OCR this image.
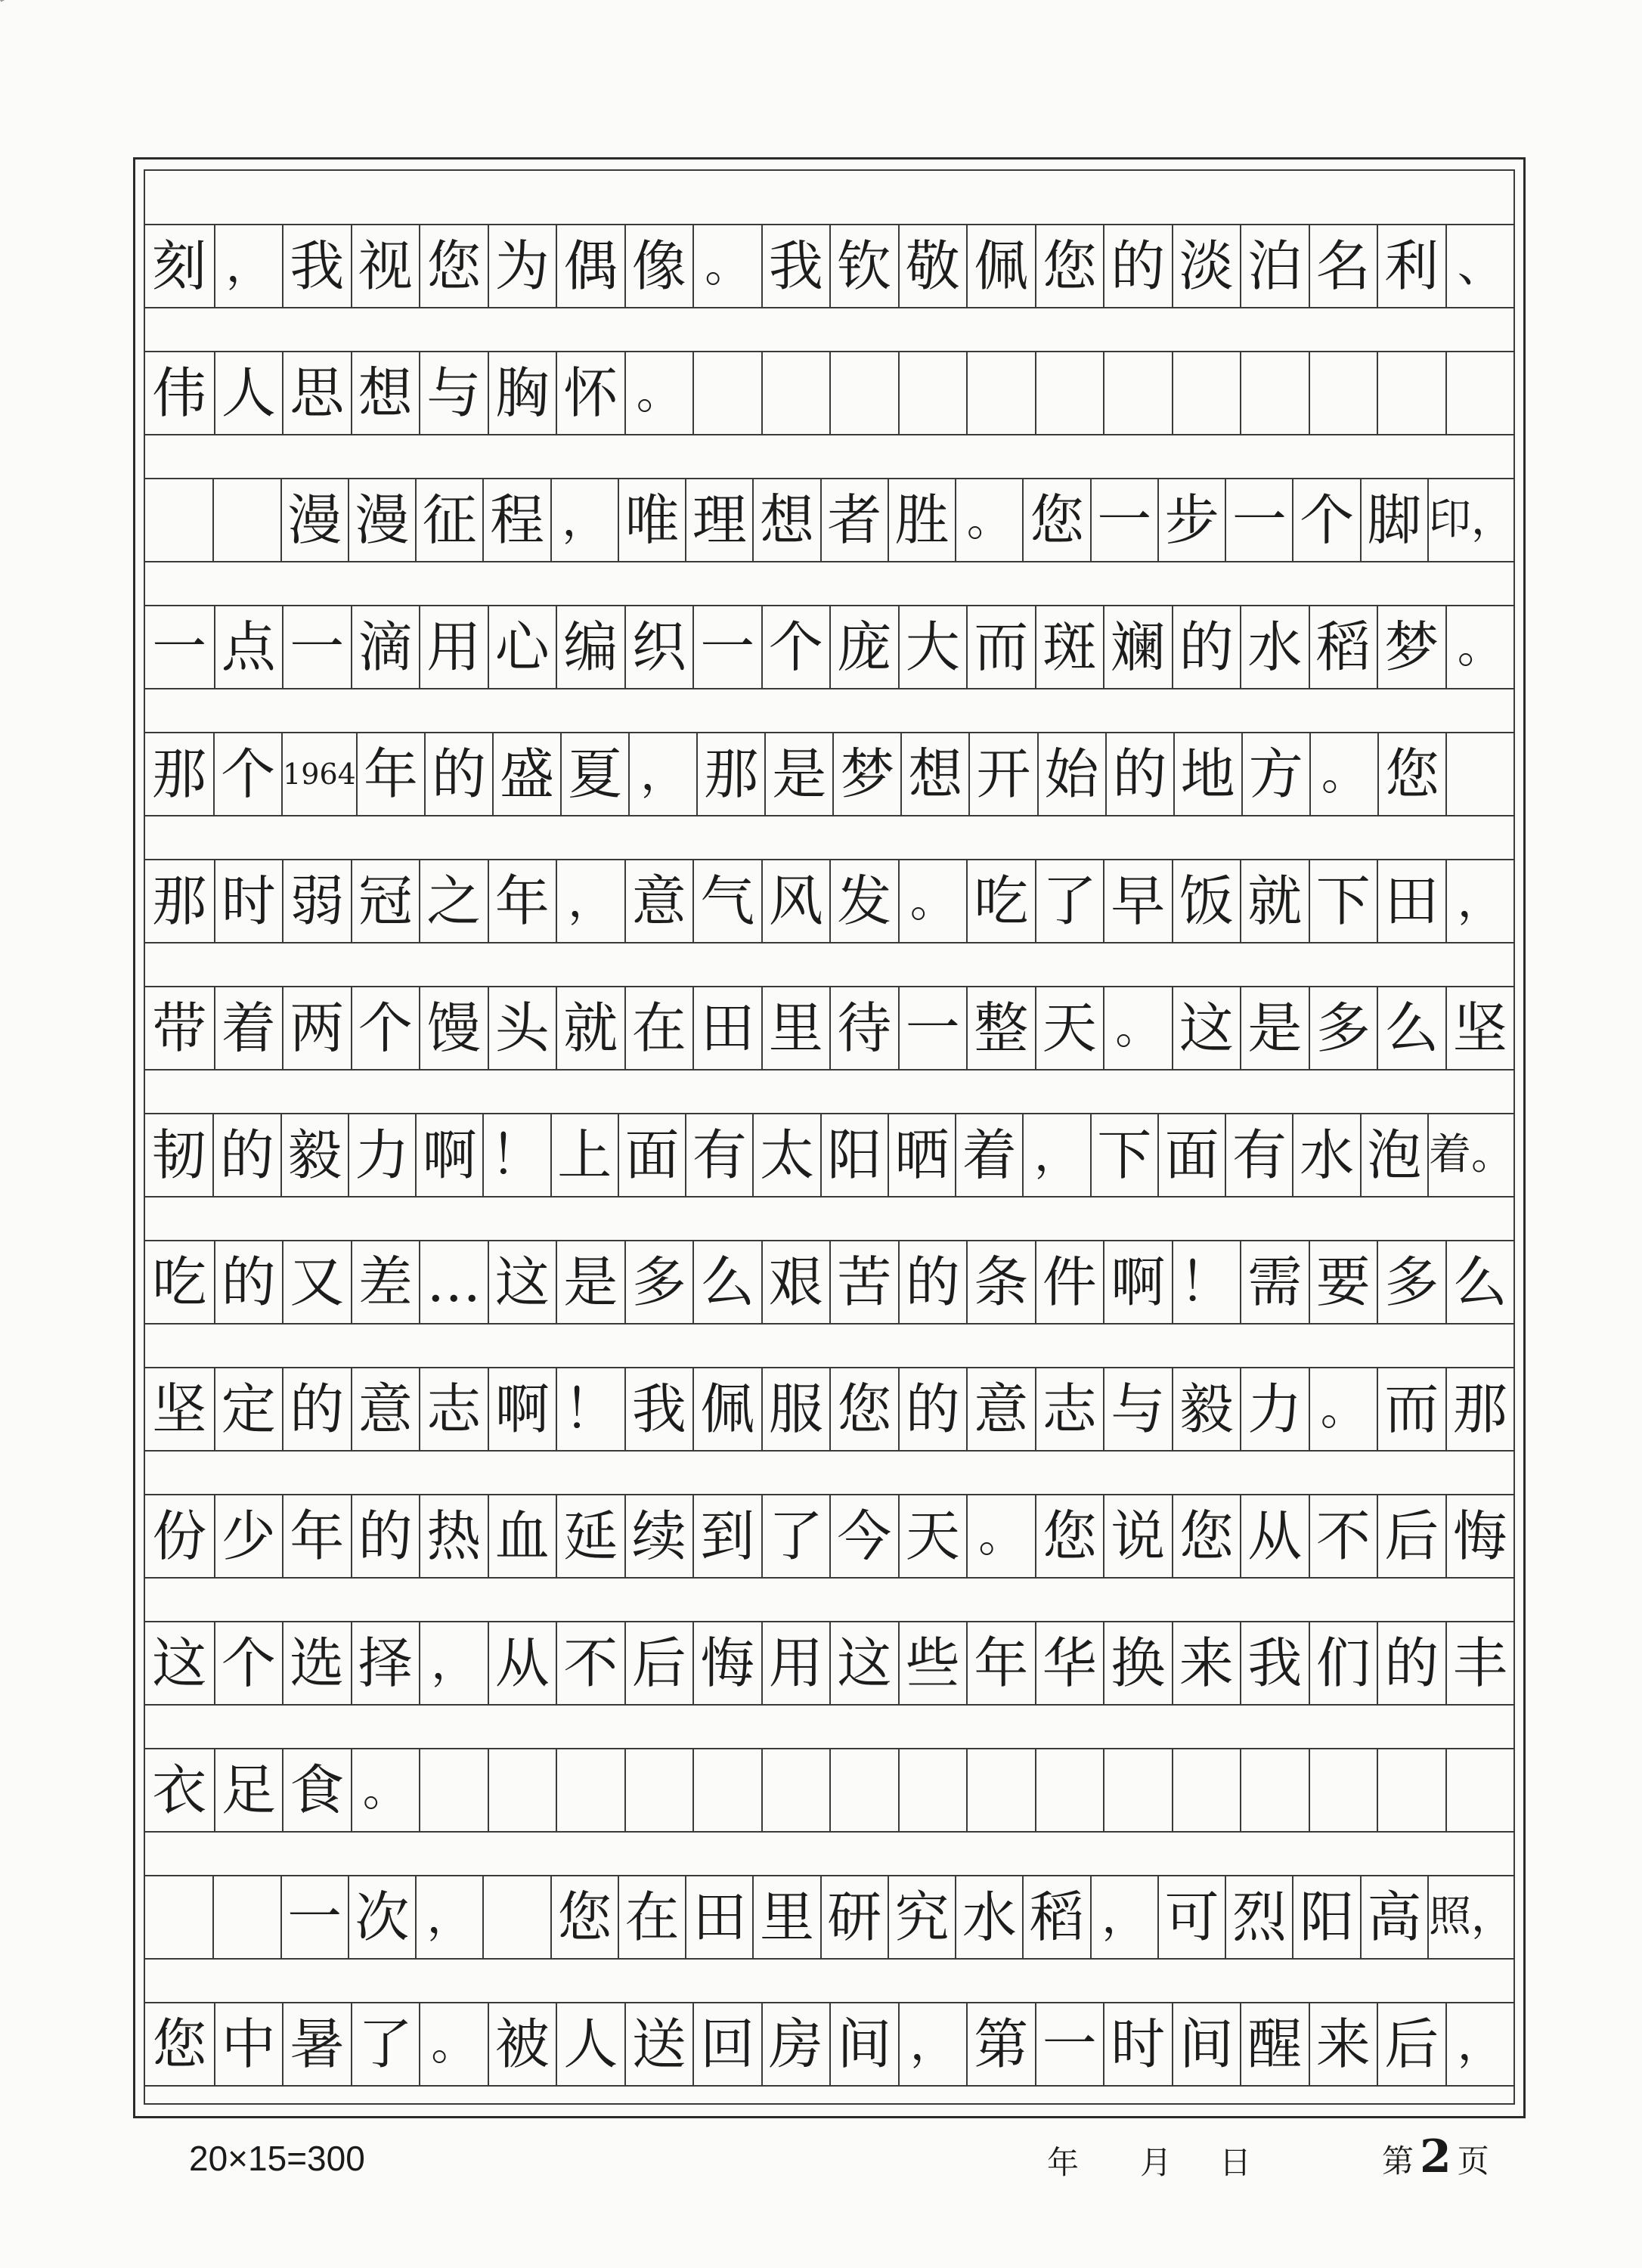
刻 ， 我 视 您 为 偶 像 。 我 钦 敬 佩 您 的 淡 泊 名 利 、
伟 人 思 想 与 胸 怀 。
漫 漫 征 程 ， 唯 理 想 者 胜 。 您 一 步 一 个 脚 印，
一 点 一 滴 用 心 编 织 一 个 庞 大 而 斑 斓 的 水 稻 梦 。
那 个 1964 年 的 盛 夏 ， 那 是 梦 想 开 始 的 地 方 。 您
那 时 弱 冠 之 年 ， 意 气 风 发 。 吃 了 早 饭 就 下 田 ，
带 着 两 个 馒 头 就 在 田 里 待 一 整 天 。 这 是 多 么 坚
韧 的 毅 力 啊 ！ 上 面 有 太 阳 晒 着 ， 下 面 有 水 泡 着。
吃 的 又 差 … 这 是 多 么 艰 苦 的 条 件 啊 ！ 需 要 多 么
坚 定 的 意 志 啊 ！ 我 佩 服 您 的 意 志 与 毅 力 。 而 那
份 少 年 的 热 血 延 续 到 了 今 天 。 您 说 您 从 不 后 悔
这 个 选 择 ， 从 不 后 悔 用 这 些 年 华 换 来 我 们 的 丰
衣 足 食 。
一 次 ， 您 在 田 里 研 究 水 稻 ， 可 烈 阳 高 照，
您 中 暑 了 。 被 人 送 回 房 间 ， 第 一 时 间 醒 来 后 ，
20×15=300	年 月 日	第 2 页
